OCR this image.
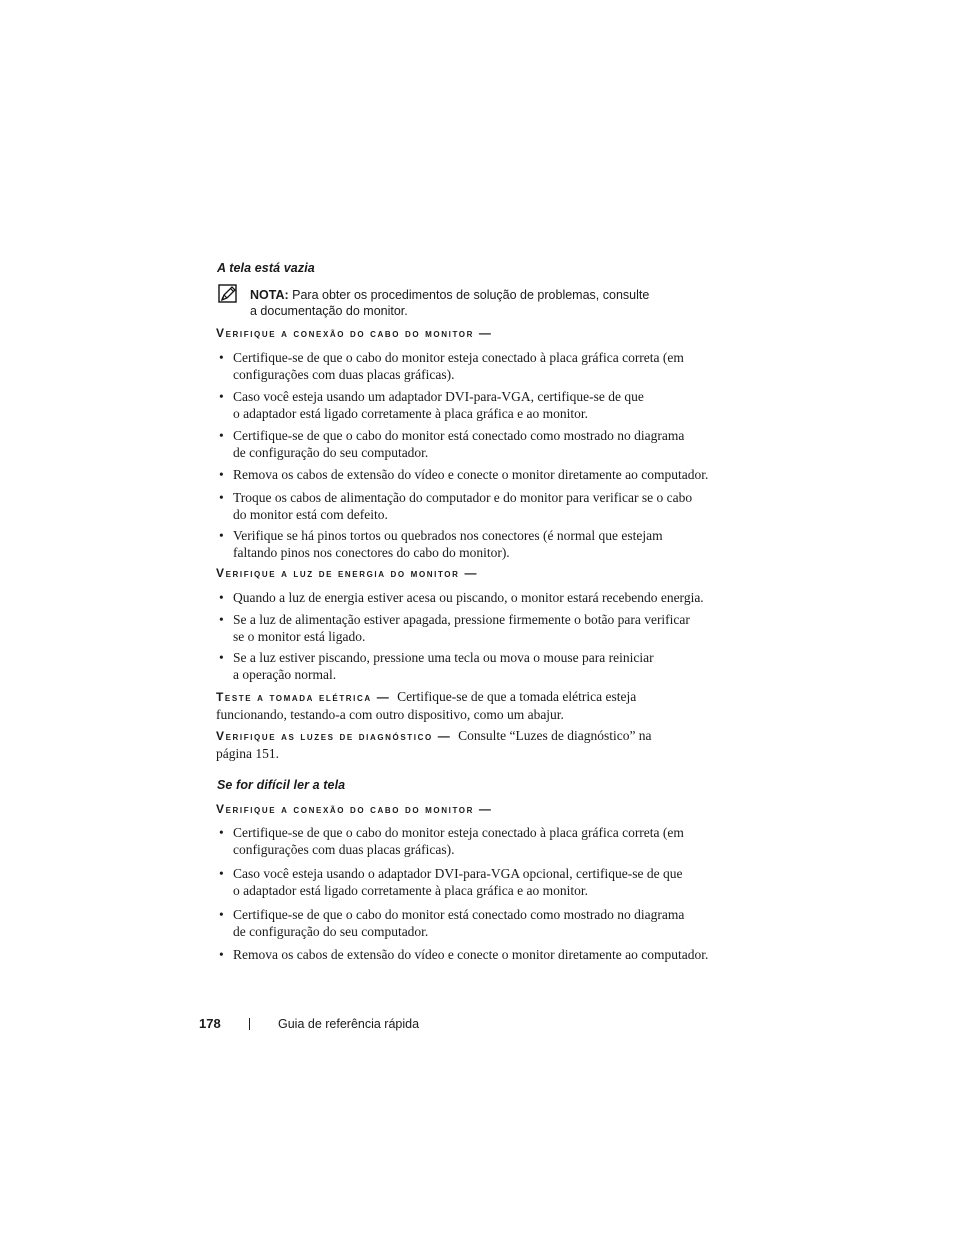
A tela está vazia
NOTA: Para obter os procedimentos de solução de problemas, consulte
a documentação do monitor.
Verifique a conexão do cabo do monitor —
• Certifique-se de que o cabo do monitor esteja conectado à placa gráfica correta (em
configurações com duas placas gráficas).
• Caso você esteja usando um adaptador DVI-para-VGA, certifique-se de que
o adaptador está ligado corretamente à placa gráfica e ao monitor.
• Certifique-se de que o cabo do monitor está conectado como mostrado no diagrama
de configuração do seu computador.
• Remova os cabos de extensão do vídeo e conecte o monitor diretamente ao computador.
• Troque os cabos de alimentação do computador e do monitor para verificar se o cabo
do monitor está com defeito.
• Verifique se há pinos tortos ou quebrados nos conectores (é normal que estejam
faltando pinos nos conectores do cabo do monitor).
Verifique a luz de energia do monitor —
• Quando a luz de energia estiver acesa ou piscando, o monitor estará recebendo energia.
• Se a luz de alimentação estiver apagada, pressione firmemente o botão para verificar
se o monitor está ligado.
• Se a luz estiver piscando, pressione uma tecla ou mova o mouse para reiniciar
a operação normal.
Teste a tomada elétrica — Certifique-se de que a tomada elétrica esteja
funcionando, testando-a com outro dispositivo, como um abajur.
Verifique as luzes de diagnóstico — Consulte “Luzes de diagnóstico” na
página 151.
Se for difícil ler a tela
Verifique a conexão do cabo do monitor —
• Certifique-se de que o cabo do monitor esteja conectado à placa gráfica correta (em
configurações com duas placas gráficas).
• Caso você esteja usando o adaptador DVI-para-VGA opcional, certifique-se de que
o adaptador está ligado corretamente à placa gráfica e ao monitor.
• Certifique-se de que o cabo do monitor está conectado como mostrado no diagrama
de configuração do seu computador.
• Remova os cabos de extensão do vídeo e conecte o monitor diretamente ao computador.
178	Guia de referência rápida
